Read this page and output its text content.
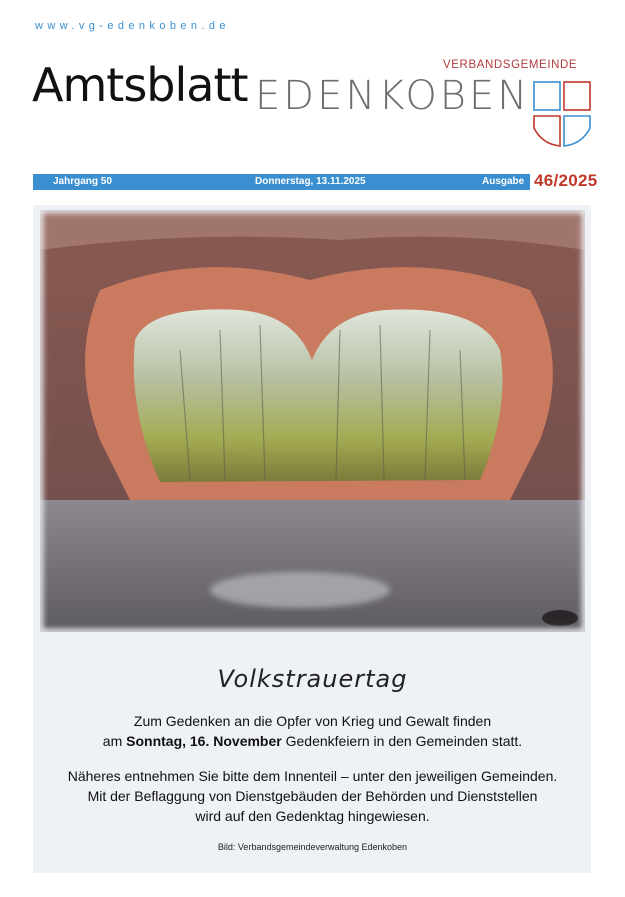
www.vg-edenkoben.de
Amtsblatt	VERBANDSGEMEINDE
EDENKOBEN
Jahrgang 50	Donnerstag, 13.11.2025	Ausgabe 46/2025
Volkstrauertag
Zum Gedenken an die Opfer von Krieg und Gewalt finden
am Sonntag, 16. November Gedenkfeiern in den Gemeinden statt.
Näheres entnehmen Sie bitte dem Innenteil – unter den jeweiligen Gemeinden.
Mit der Beflaggung von Dienstgebäuden der Behörden und Dienststellen
wird auf den Gedenktag hingewiesen.
Bild: Verbandsgemeindeverwaltung Edenkoben
